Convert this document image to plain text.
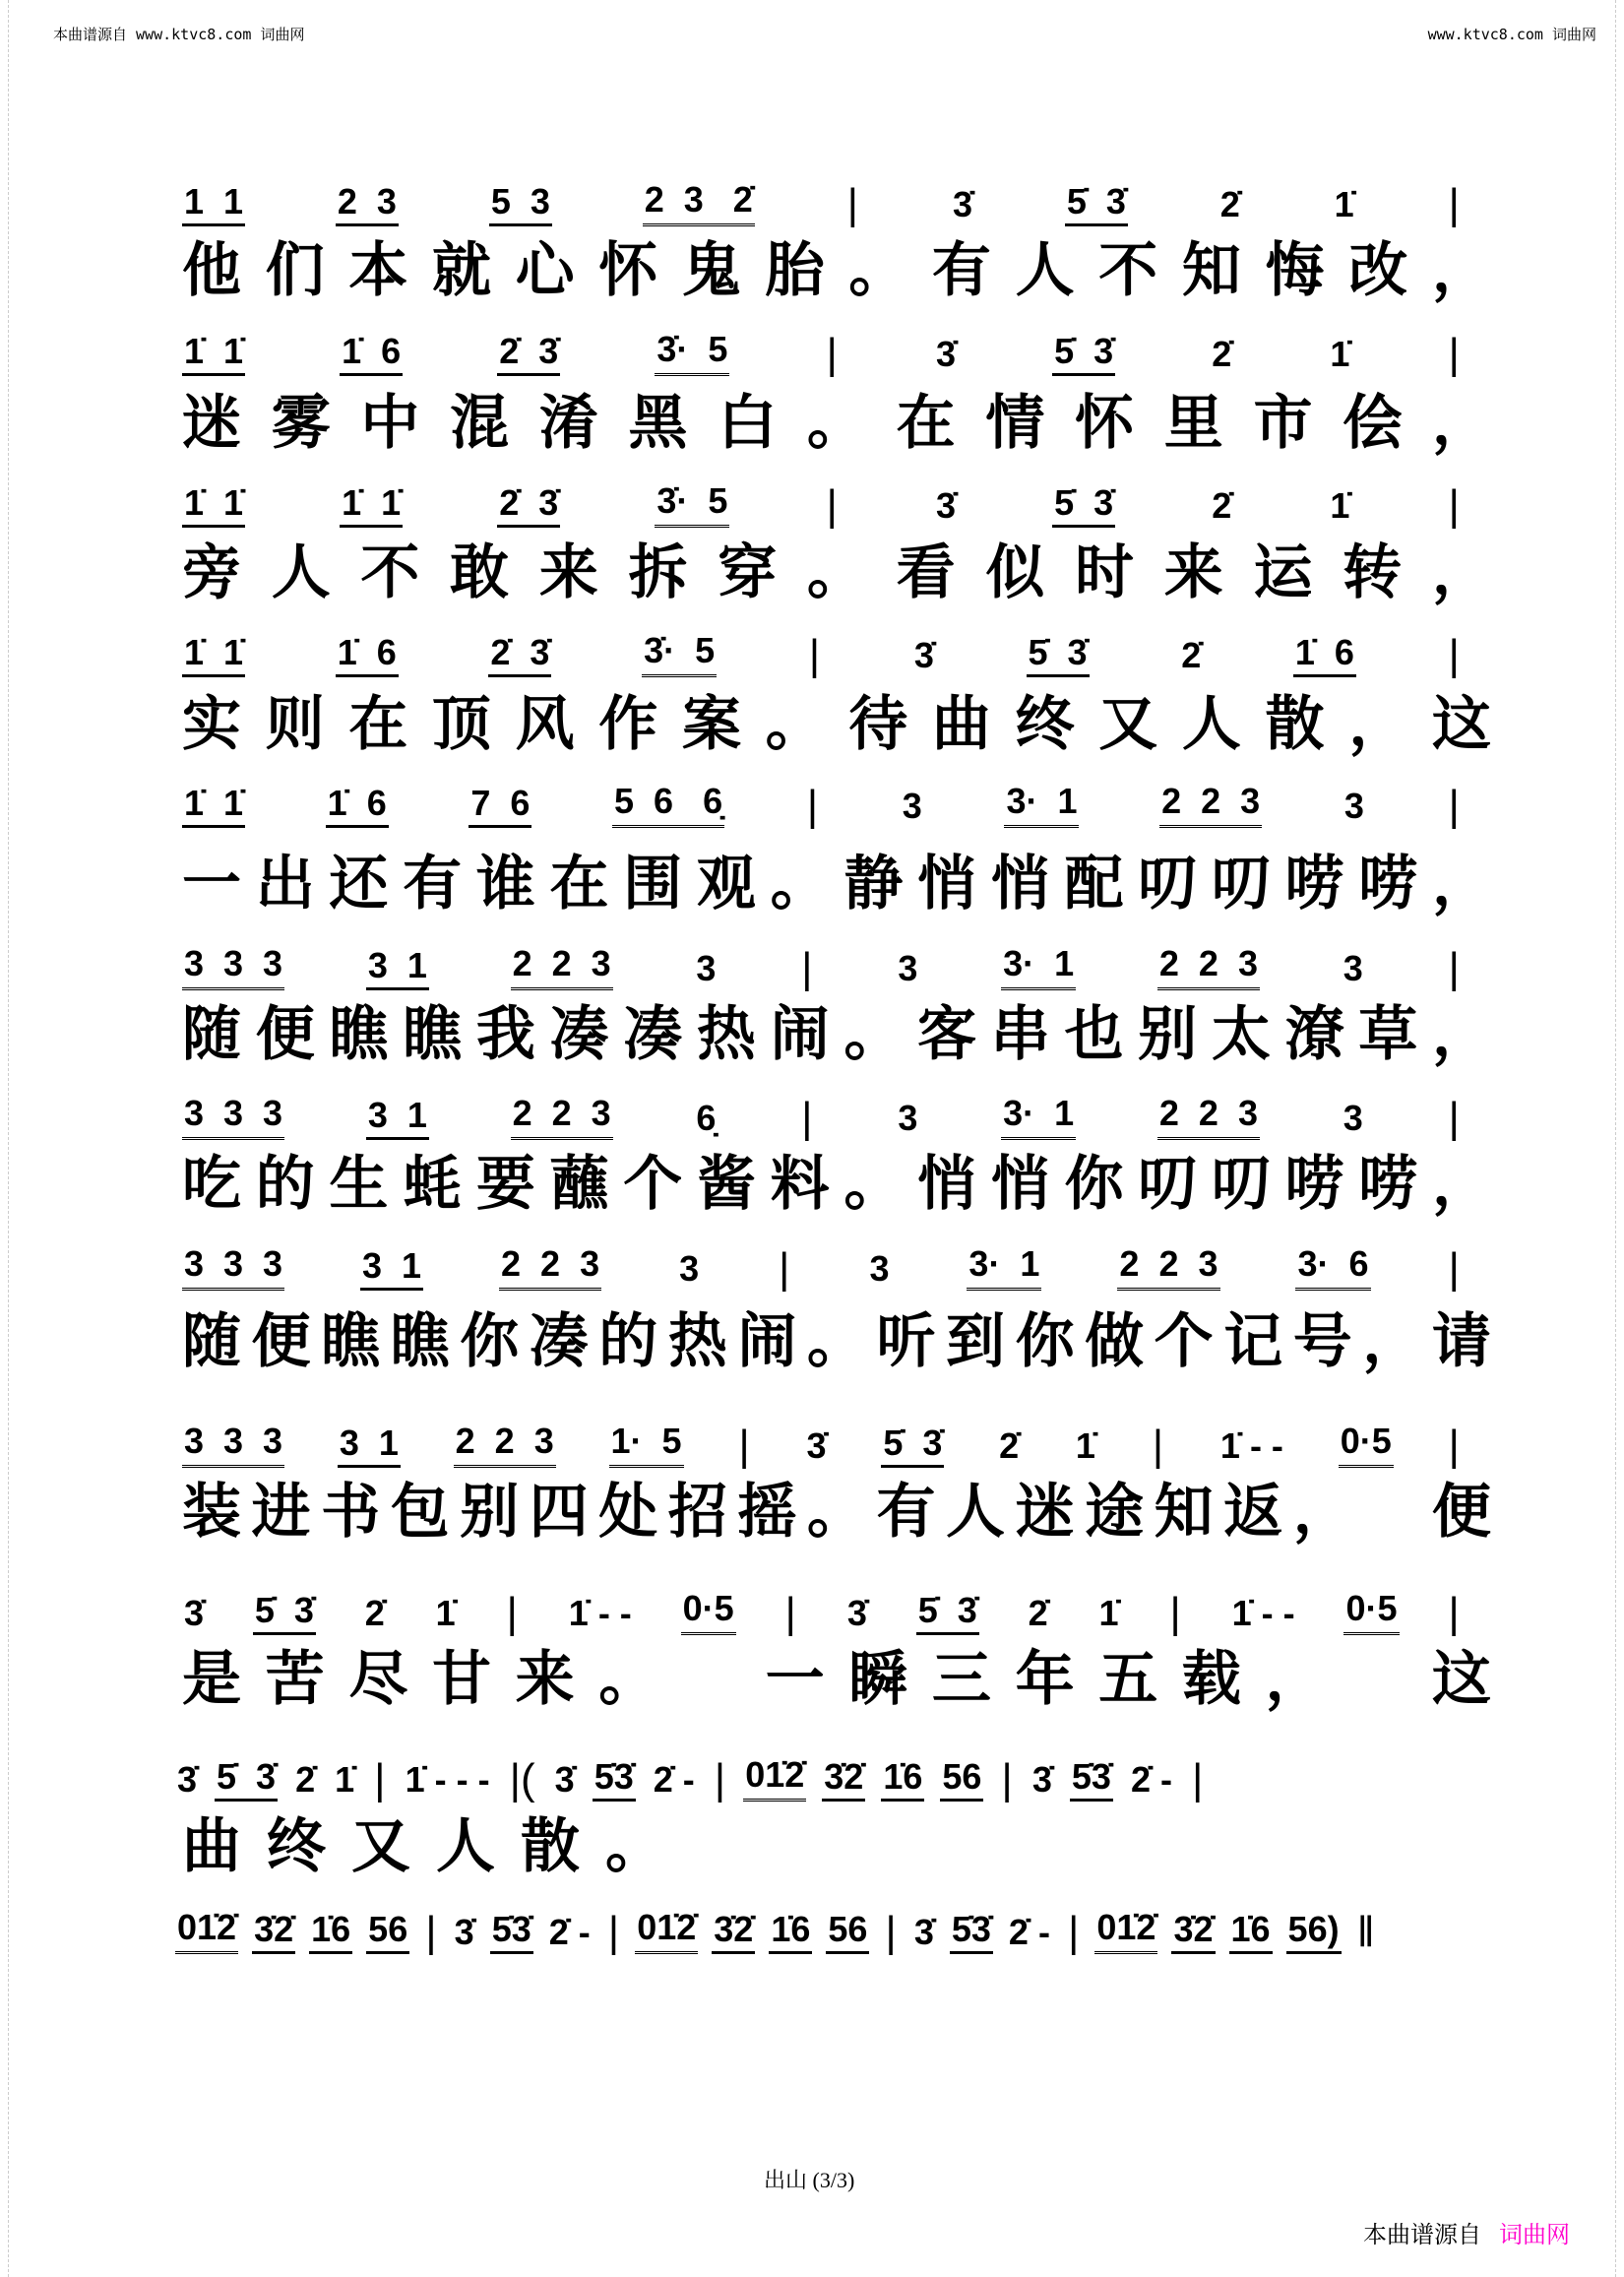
本曲谱源自 www.ktvc8.com 词曲网	www.ktvc8.com 词曲网
1  1	2  3	5  3	2  3   2̇ |	3̇	5̇  3̇	2̇	1̇ |
他 们 本 就 心 怀 鬼 胎 。 有 人 不 知 悔 改 ，
1̇  1̇	1̇  6	2̇  3̇	3̇·  5 |	3̇	5̇  3̇	2̇	1̇ |
迷 雾 中 混 淆 黑 白 。 在 情 怀 里 市 侩 ，
1̇  1̇	1̇  1̇	2̇  3̇	3̇·  5 |	3̇	5̇  3̇	2̇	1̇ |
旁 人 不 敢 来 拆 穿 。 看 似 时 来 运 转 ，
1̇  1̇	1̇  6	2̇  3̇	3̇·  5 |	3̇	5̇  3̇	2̇	1̇  6 |
实 则 在 顶 风 作 案 。 待 曲 终 又 人 散 ， 这
1̇  1̇ 1̇  6 7  6 5  6   6̣ | 3 3·  1 2  2  3 3 |
一 出 还 有 谁 在 围 观 。 静 悄 悄 配 叨 叨 唠 唠 ，
3  3  3 3  1 2  2  3 3 | 3 3·  1 2  2  3 3 |
随 便 瞧 瞧 我 凑 凑 热 闹 。 客 串 也 别 太 潦 草 ，
3  3  3 3  1 2  2  3 6̣ | 3 3·  1 2  2  3 3 |
吃 的 生 蚝 要 蘸 个 酱 料 。 悄 悄 你 叨 叨 唠 唠 ，
3  3  3 3  1 2  2  3 3 | 3 3·  1 2  2  3 3·  6 |
随 便 瞧 瞧 你 凑 的 热 闹 。 听 到 你 做 个 记 号 ， 请
3  3  3 3  1 2  2  3 1·  5 | 3̇ 5̇  3̇ 2̇ 1̇ | 1̇ - - 0·5 |
装 进 书 包 别 四 处 招 摇 。 有 人 迷 途 知 返 ，
　 便
3̇ 5̇  3̇ 2̇ 1̇ | 1̇ - - 0·5 | 3̇ 5̇  3̇ 2̇ 1̇ | 1̇ - - 0·5 |
是 苦 尽 甘 来 。
　 一 瞬 三 年 五 载 ，
　 这
3̇ 5̇  3̇ 2̇ 1̇ | 1̇ - - - |( 3̇ 5̇3̇ 2̇ - | 01̇2̇ 3̇2̇ 1̇6 56 | 3̇ 5̇3̇ 2̇ - |
曲终又人散。
01̇2̇ 3̇2̇ 1̇6 56 | 3̇ 5̇3̇ 2̇ - | 01̇2̇ 3̇2̇ 1̇6 56 | 3̇ 5̇3̇ 2̇ - | 01̇2̇ 3̇2̇ 1̇6 56) ‖
出山 (3/3)
本曲谱源自 词曲网
